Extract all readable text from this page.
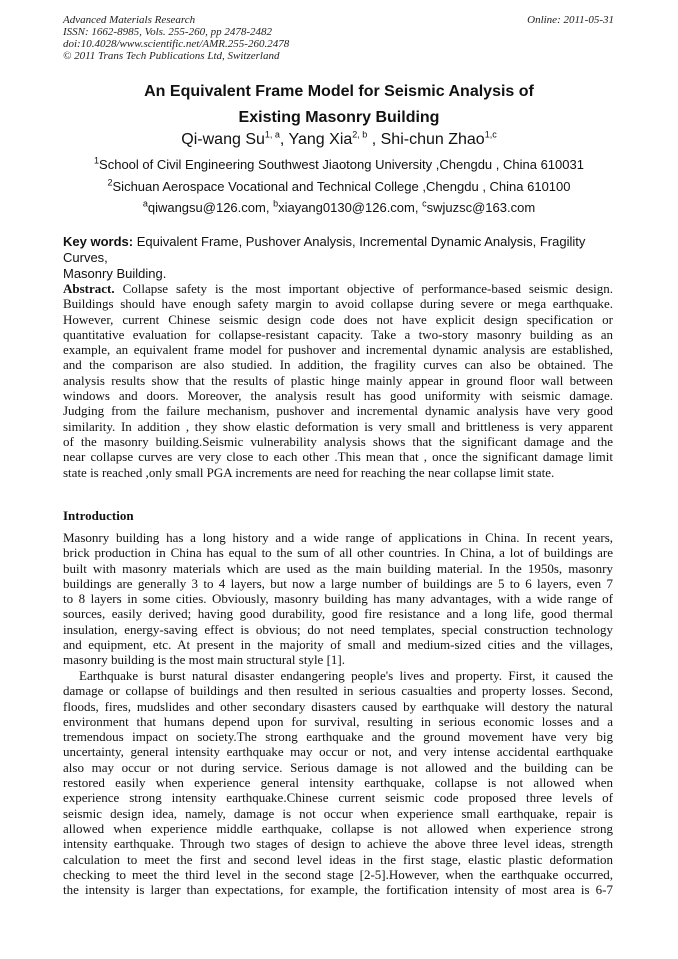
Advanced Materials Research
ISSN: 1662-8985, Vols. 255-260, pp 2478-2482
doi:10.4028/www.scientific.net/AMR.255-260.2478
© 2011 Trans Tech Publications Ltd, Switzerland
Online: 2011-05-31
An Equivalent Frame Model for Seismic Analysis of
Existing Masonry Building
Qi-wang Su$^{1, a}$, Yang Xia$^{2, b}$ , Shi-chun Zhao$^{1,c}$
$^1$School of Civil Engineering Southwest Jiaotong University ,Chengdu , China 610031
$^2$Sichuan Aerospace Vocational and Technical College ,Chengdu , China 610100
$^a$qiwangsu@126.com, $^b$xiayang0130@126.com, $^c$swjuzsc@163.com
Key words: Equivalent Frame, Pushover Analysis, Incremental Dynamic Analysis, Fragility Curves,
Masonry Building.
Abstract. Collapse safety is the most important objective of performance-based seismic design.
Buildings should have enough safety margin to avoid collapse during severe or mega earthquake.
However, current Chinese seismic design code does not have explicit design specification or
quantitative evaluation for collapse-resistant capacity. Take a two-story masonry building as an
example, an equivalent frame model for pushover and incremental dynamic analysis are established,
and the comparison are also studied. In addition, the fragility curves can also be obtained. The
analysis results show that the results of plastic hinge mainly appear in ground floor wall between
windows and doors. Moreover, the analysis result has good uniformity with seismic damage.
Judging from the failure mechanism, pushover and incremental dynamic analysis have very good
similarity. In addition , they show elastic deformation is very small and brittleness is very apparent
of the masonry building.Seismic vulnerability analysis shows that the significant damage and the
near collapse curves are very close to each other .This mean that , once the significant damage limit
state is reached ,only small PGA increments are need for reaching the near collapse limit state.
Introduction
Masonry building has a long history and a wide range of applications in China. In recent years,
brick production in China has equal to the sum of all other countries. In China, a lot of buildings are
built with masonry materials which are used as the main building material. In the 1950s, masonry
buildings are generally 3 to 4 layers, but now a large number of buildings are 5 to 6 layers, even 7
to 8 layers in some cities. Obviously, masonry building has many advantages, with a wide range of
sources, easily derived; having good durability, good fire resistance and a long life, good thermal
insulation, energy-saving effect is obvious; do not need templates, special construction technology
and equipment, etc. At present in the majority of small and medium-sized cities and the villages,
masonry building is the most main structural style [1].
Earthquake is burst natural disaster endangering people's lives and property. First, it caused the
damage or collapse of buildings and then resulted in serious casualties and property losses. Second,
floods, fires, mudslides and other secondary disasters caused by earthquake will destory the natural
environment that humans depend upon for survival, resulting in serious economic losses and a
tremendous impact on society.The strong earthquake and the ground movement have very big
uncertainty, general intensity earthquake may occur or not, and very intense accidental earthquake
also may occur or not during service. Serious damage is not allowed and the building can be
restored easily when experience general intensity earthquake, collapse is not allowed when
experience strong intensity earthquake.Chinese current seismic code proposed three levels of
seismic design idea, namely, damage is not occur when experience small earthquake, repair is
allowed when experience middle earthquake, collapse is not allowed when experience strong
intensity earthquake. Through two stages of design to achieve the above three level ideas, strength
calculation to meet the first and second level ideas in the first stage, elastic plastic deformation
checking to meet the third level in the second stage [2-5].However, when the earthquake occurred,
the intensity is larger than expectations, for example, the fortification intensity of most area is 6-7
